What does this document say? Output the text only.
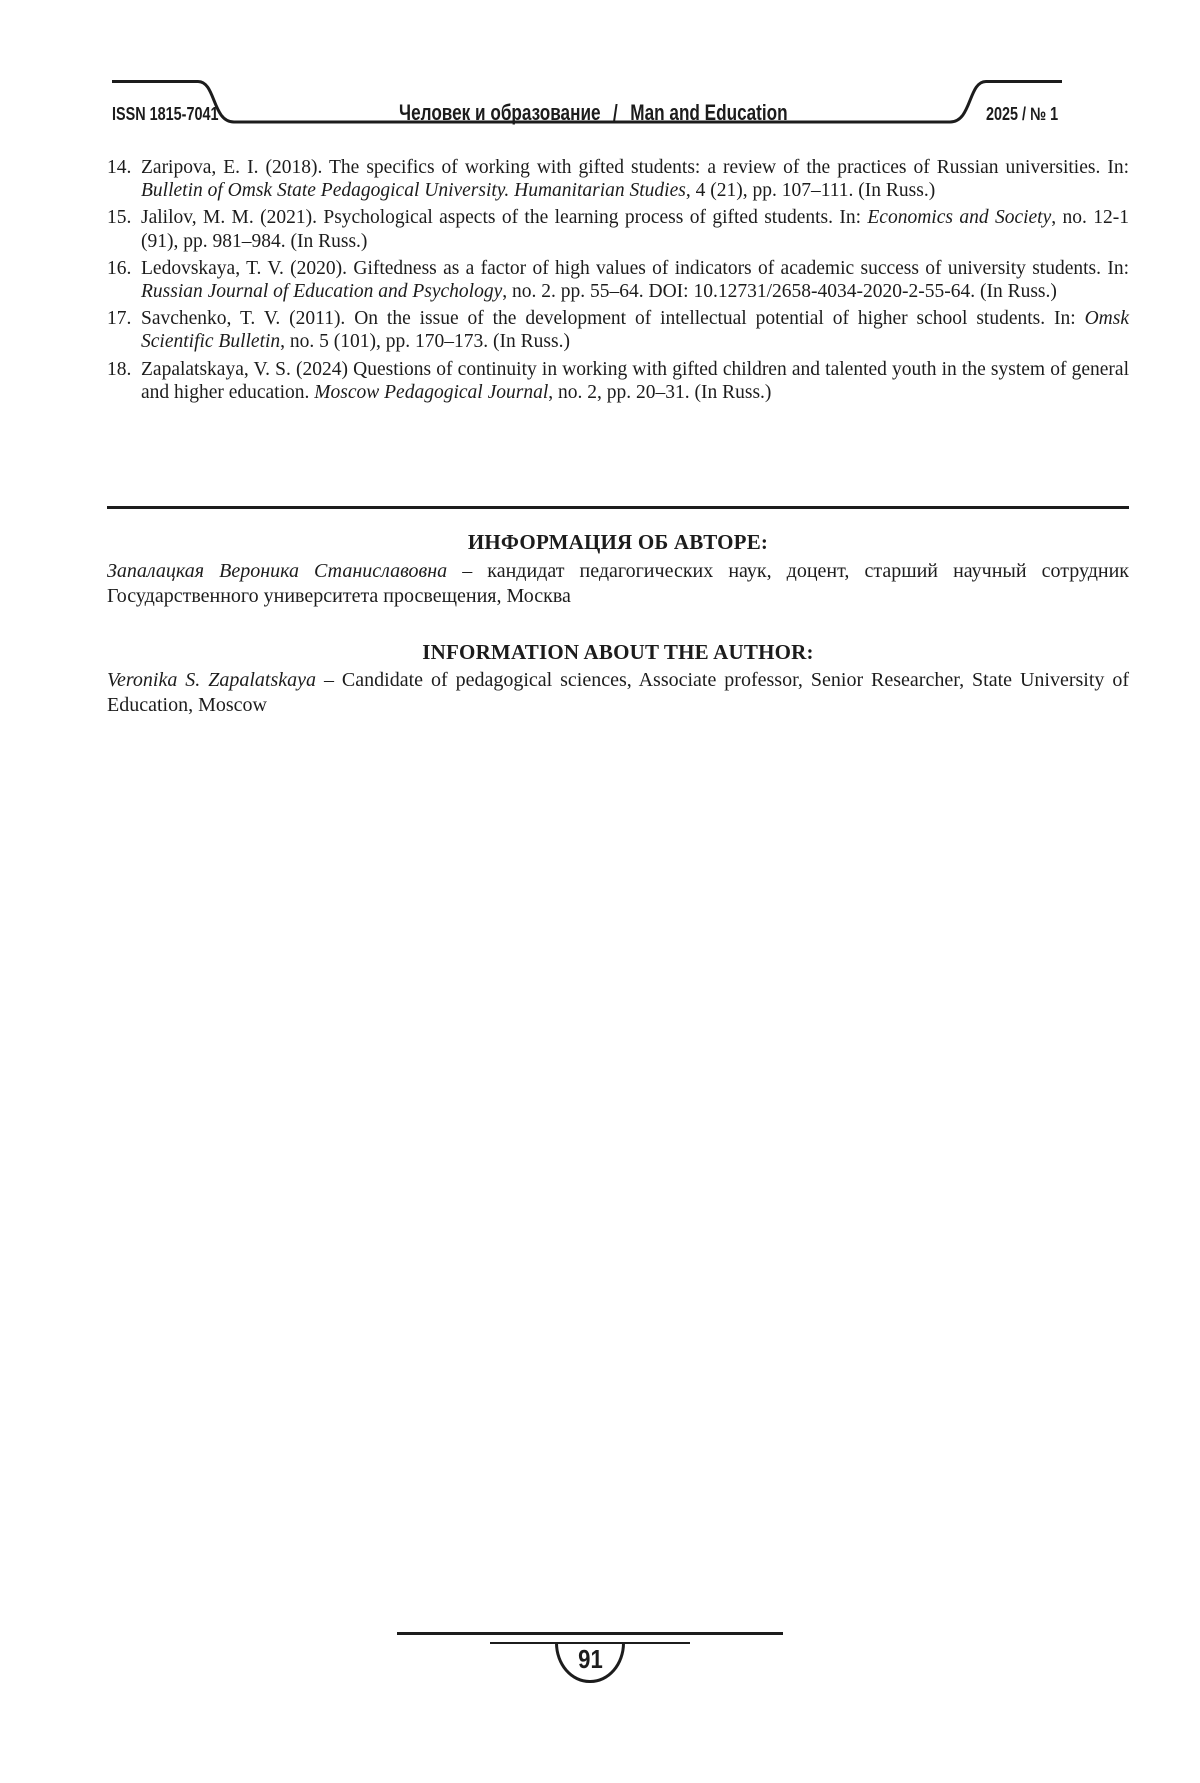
ISSN 1815-7041	Человек и образование / Man and Education	2025 / № 1
14. Zaripova, E. I. (2018). The specifics of working with gifted students: a review of the practices of Russian universities. In: Bulletin of Omsk State Pedagogical University. Humanitarian Studies, 4 (21), pp. 107–111. (In Russ.)
15. Jalilov, M. M. (2021). Psychological aspects of the learning process of gifted students. In: Economics and Society, no. 12-1 (91), pp. 981–984. (In Russ.)
16. Ledovskaya, T. V. (2020). Giftedness as a factor of high values of indicators of academic success of university students. In: Russian Journal of Education and Psychology, no. 2. pp. 55–64. DOI: 10.12731/2658-4034-2020-2-55-64. (In Russ.)
17. Savchenko, T. V. (2011). On the issue of the development of intellectual potential of higher school students. In: Omsk Scientific Bulletin, no. 5 (101), pp. 170–173. (In Russ.)
18. Zapalatskaya, V. S. (2024) Questions of continuity in working with gifted children and talented youth in the system of general and higher education. Moscow Pedagogical Journal, no. 2, pp. 20–31. (In Russ.)
ИНФОРМАЦИЯ ОБ АВТОРЕ:

Запалацкая Вероника Станиславовна – кандидат педагогических наук, доцент, старший научный сотрудник Государственного университета просвещения, Москва

INFORMATION ABOUT THE AUTHOR:

Veronika S. Zapalatskaya – Candidate of pedagogical sciences, Associate professor, Senior Researcher, State University of Education, Moscow

91
